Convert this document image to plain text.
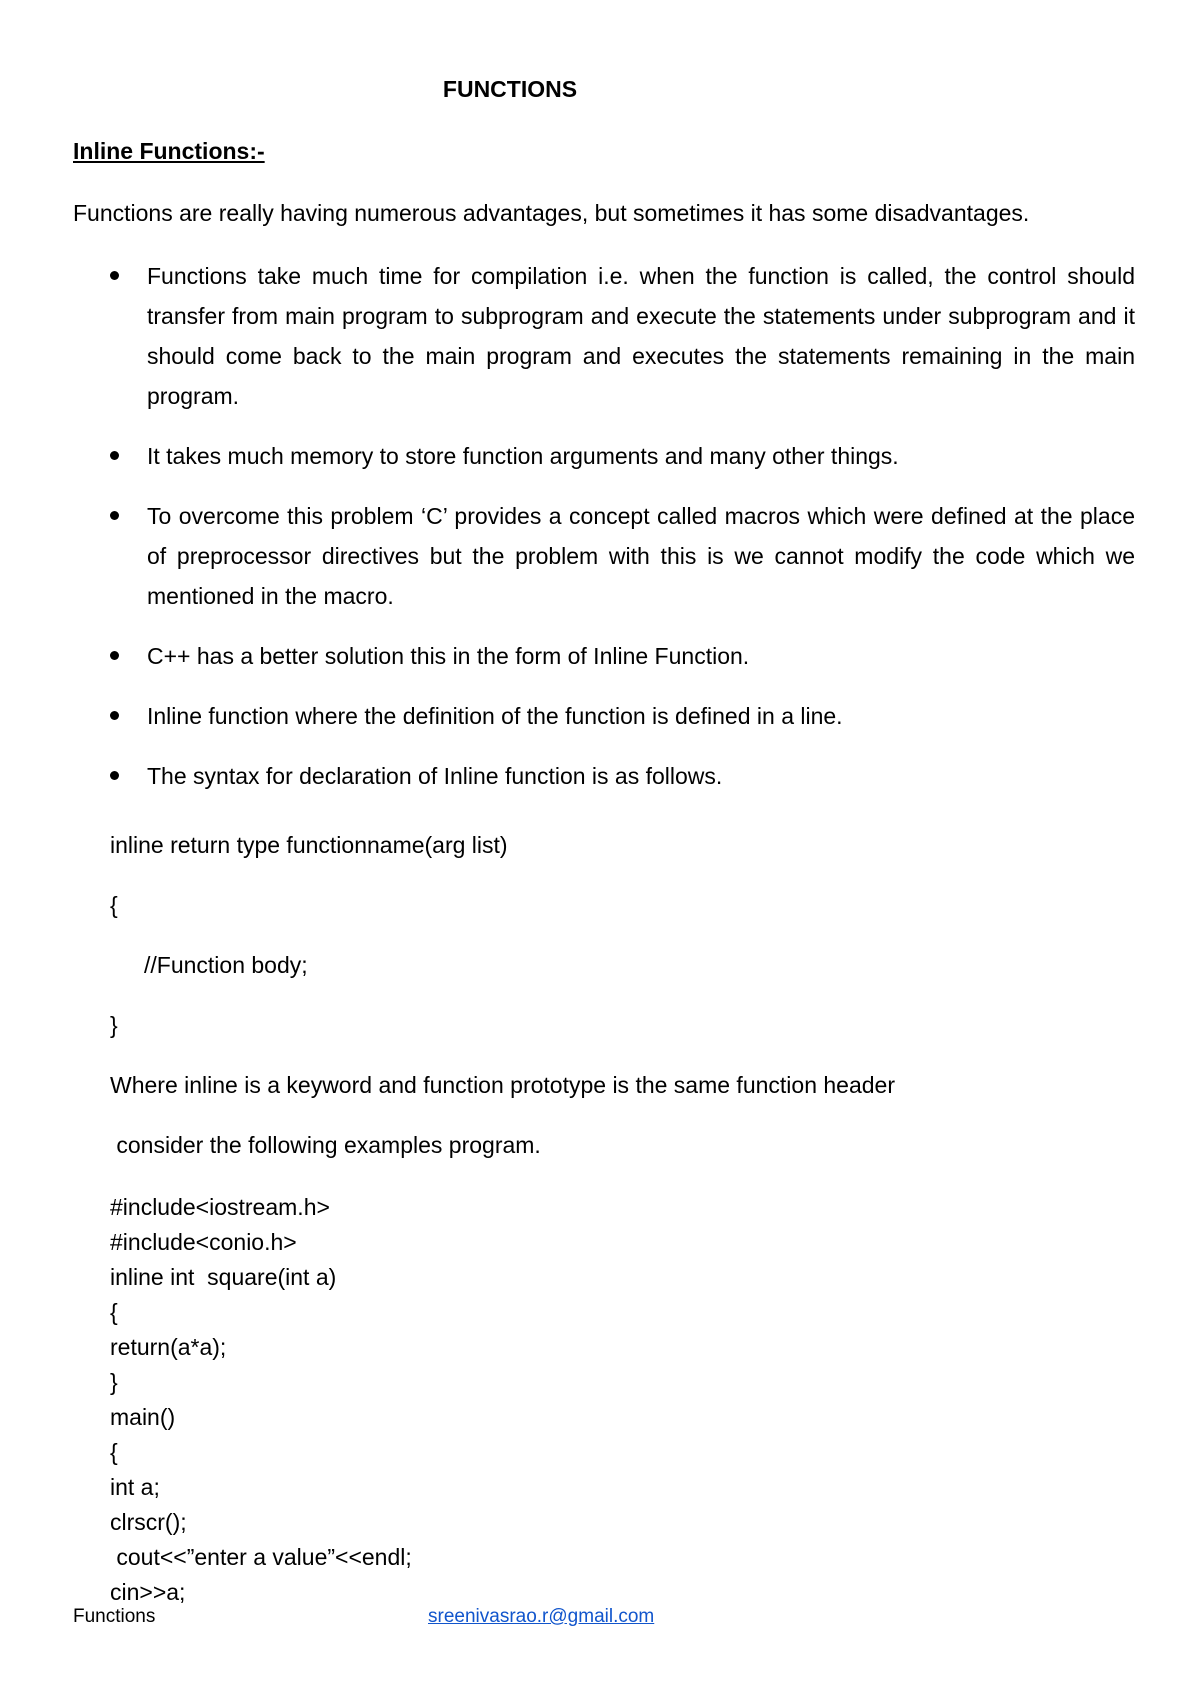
FUNCTIONS
Inline Functions:-
Functions are really having numerous advantages, but sometimes it has some disadvantages.
Functions take much time for compilation i.e. when the function is called, the control should transfer from main program to subprogram and execute the statements under subprogram and it should come back to the main program and executes the statements remaining in the main program.
It takes much memory to store function arguments and many other things.
To overcome this problem ‘C’ provides a concept called macros which were defined at the place of preprocessor directives but the problem with this is we cannot modify the code which we mentioned in the macro.
C++ has a better solution this in the form of Inline Function.
Inline function where the definition of the function is defined in a line.
The syntax for declaration of Inline function is as follows.
inline return type functionname(arg list)
{
//Function body;
}
Where inline is a keyword and function prototype is the same function header
consider the following examples program.
#include<iostream.h>
#include<conio.h>
inline int  square(int a)
{
return(a*a);
}
main()
{
int a;
clrscr();
cout<<”enter a value”<<endl;
cin>>a;
Functions	sreenivasrao.r@gmail.com
